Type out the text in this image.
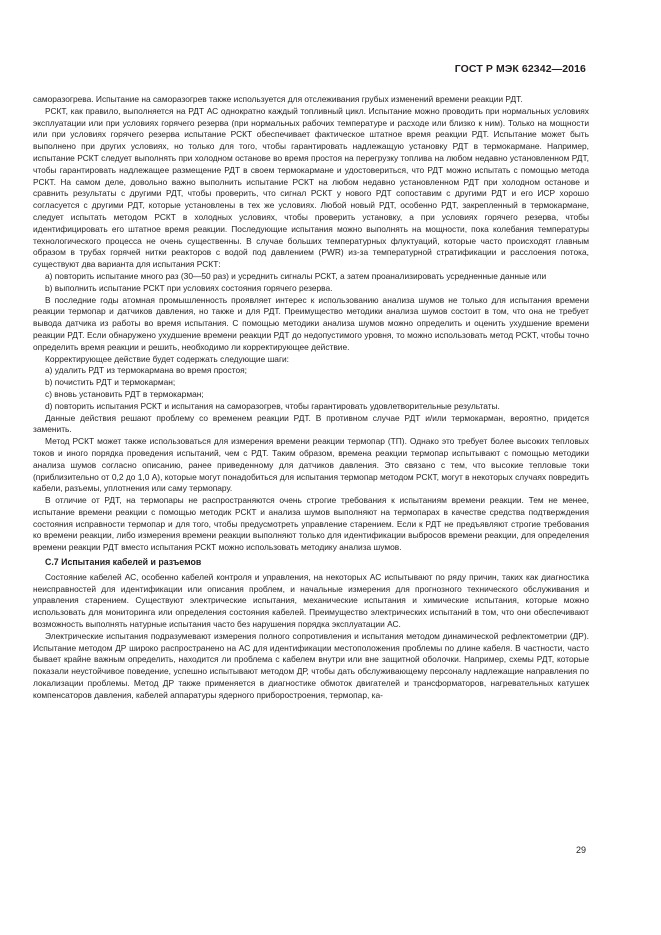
ГОСТ Р МЭК 62342—2016

саморазогрева. Испытание на саморазогрев также используется для отслеживания грубых изменений времени реакции РДТ.

РСКТ, как правило, выполняется на РДТ АС однократно каждый топливный цикл. Испытание можно проводить при нормальных условиях эксплуатации или при условиях горячего резерва (при нормальных рабочих температуре и расходе или близко к ним). Только на мощности или при условиях горячего резерва испытание РСКТ обеспечивает фактическое штатное время реакции РДТ. Испытание может быть выполнено при других условиях, но только для того, чтобы гарантировать надлежащую установку РДТ в термокармане. Например, испытание РСКТ следует выполнять при холодном останове во время простоя на перегрузку топлива на любом недавно установленном РДТ, чтобы гарантировать надлежащее размещение РДТ в своем термокармане и удостовериться, что РДТ можно испытать с помощью метода РСКТ. На самом деле, довольно важно выполнить испытание РСКТ на любом недавно установленном РДТ при холодном останове и сравнить результаты с другими РДТ, чтобы проверить, что сигнал РСКТ у нового РДТ сопоставим с другими РДТ и его ИСР хорошо согласуется с другими РДТ, которые установлены в тех же условиях. Любой новый РДТ, особенно РДТ, закрепленный в термокармане, следует испытать методом РСКТ в холодных условиях, чтобы проверить установку, а при условиях горячего резерва, чтобы идентифицировать его штатное время реакции. Последующие испытания можно выполнять на мощности, пока колебания температуры технологического процесса не очень существенны. В случае больших температурных флуктуаций, которые часто происходят главным образом в трубах горячей нитки реакторов с водой под давлением (PWR) из-за температурной стратификации и расслоения потока, существуют два варианта для испытания РСКТ:

a) повторить испытание много раз (30—50 раз) и усреднить сигналы РСКТ, а затем проанализировать усредненные данные или

b) выполнить испытание РСКТ при условиях состояния горячего резерва.

В последние годы атомная промышленность проявляет интерес к использованию анализа шумов не только для испытания времени реакции термопар и датчиков давления, но также и для РДТ. Преимущество методики анализа шумов состоит в том, что она не требует вывода датчика из работы во время испытания. С помощью методики анализа шумов можно определить и оценить ухудшение времени реакции РДТ. Если обнаружено ухудшение времени реакции РДТ до недопустимого уровня, то можно использовать метод РСКТ, чтобы точно определить время реакции и решить, необходимо ли корректирующее действие.

Корректирующее действие будет содержать следующие шаги:

a) удалить РДТ из термокармана во время простоя;

b) почистить РДТ и термокарман;

c) вновь установить РДТ в термокарман;

d) повторить испытания РСКТ и испытания на саморазогрев, чтобы гарантировать удовлетворительные результаты.

Данные действия решают проблему со временем реакции РДТ. В противном случае РДТ и/или термокарман, вероятно, придется заменить.

Метод РСКТ может также использоваться для измерения времени реакции термопар (ТП). Однако это требует более высоких тепловых токов и иного порядка проведения испытаний, чем с РДТ. Таким образом, времена реакции термопар испытывают с помощью методики анализа шумов согласно описанию, ранее приведенному для датчиков давления. Это связано с тем, что высокие тепловые токи (приблизительно от 0,2 до 1,0 А), которые могут понадобиться для испытания термопар методом РСКТ, могут в некоторых случаях повредить кабели, разъемы, уплотнения или саму термопару.

В отличие от РДТ, на термопары не распространяются очень строгие требования к испытаниям времени реакции. Тем не менее, испытание времени реакции с помощью методик РСКТ и анализа шумов выполняют на термопарах в качестве средства подтверждения состояния исправности термопар и для того, чтобы предусмотреть управление старением. Если к РДТ не предъявляют строгие требования ко времени реакции, либо измерения времени реакции выполняют только для идентификации выбросов времени реакции, для определения времени реакции РДТ вместо испытания РСКТ можно использовать методику анализа шумов.

С.7 Испытания кабелей и разъемов

Состояние кабелей АС, особенно кабелей контроля и управления, на некоторых АС испытывают по ряду причин, таких как диагностика неисправностей для идентификации или описания проблем, и начальные измерения для прогнозного технического обслуживания и управления старением. Существуют электрические испытания, механические испытания и химические испытания, которые можно использовать для мониторинга или определения состояния кабелей. Преимущество электрических испытаний в том, что они обеспечивают возможность выполнять натурные испытания часто без нарушения порядка эксплуатации АС.

Электрические испытания подразумевают измерения полного сопротивления и испытания методом динамической рефлектометрии (ДР). Испытание методом ДР широко распространено на АС для идентификации местоположения проблемы по длине кабеля. В частности, часто бывает крайне важным определить, находится ли проблема с кабелем внутри или вне защитной оболочки. Например, схемы РДТ, которые показали неустойчивое поведение, успешно испытывают методом ДР, чтобы дать обслуживающему персоналу надлежащие направления по локализации проблемы. Метод ДР также применяется в диагностике обмоток двигателей и трансформаторов, нагревательных катушек компенсаторов давления, кабелей аппаратуры ядерного приборостроения, термопар, ка-

29
